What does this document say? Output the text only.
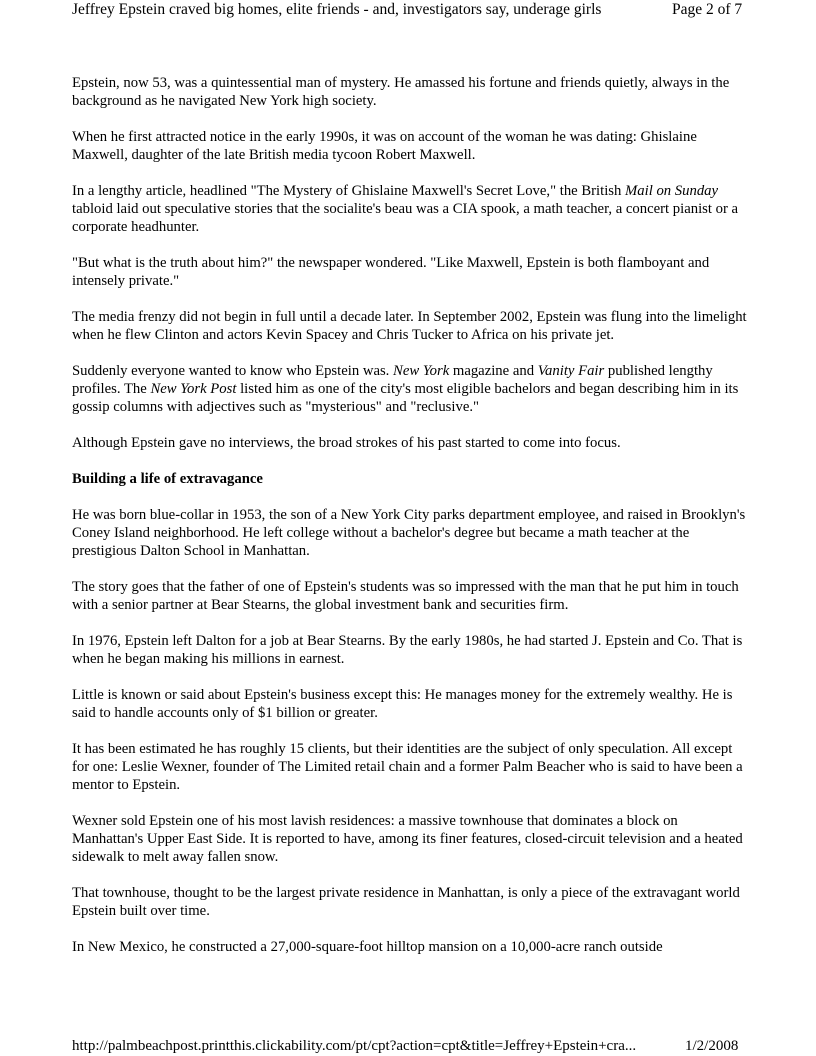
Jeffrey Epstein craved big homes, elite friends - and, investigators say, underage girls	Page 2 of 7

Epstein, now 53, was a quintessential man of mystery. He amassed his fortune and friends quietly, always in the background as he navigated New York high society.

When he first attracted notice in the early 1990s, it was on account of the woman he was dating: Ghislaine Maxwell, daughter of the late British media tycoon Robert Maxwell.

In a lengthy article, headlined "The Mystery of Ghislaine Maxwell's Secret Love," the British Mail on Sunday tabloid laid out speculative stories that the socialite's beau was a CIA spook, a math teacher, a concert pianist or a corporate headhunter.

"But what is the truth about him?" the newspaper wondered. "Like Maxwell, Epstein is both flamboyant and intensely private."

The media frenzy did not begin in full until a decade later. In September 2002, Epstein was flung into the limelight when he flew Clinton and actors Kevin Spacey and Chris Tucker to Africa on his private jet.

Suddenly everyone wanted to know who Epstein was. New York magazine and Vanity Fair published lengthy profiles. The New York Post listed him as one of the city's most eligible bachelors and began describing him in its gossip columns with adjectives such as "mysterious" and "reclusive."

Although Epstein gave no interviews, the broad strokes of his past started to come into focus.

Building a life of extravagance

He was born blue-collar in 1953, the son of a New York City parks department employee, and raised in Brooklyn's Coney Island neighborhood. He left college without a bachelor's degree but became a math teacher at the prestigious Dalton School in Manhattan.

The story goes that the father of one of Epstein's students was so impressed with the man that he put him in touch with a senior partner at Bear Stearns, the global investment bank and securities firm.

In 1976, Epstein left Dalton for a job at Bear Stearns. By the early 1980s, he had started J. Epstein and Co. That is when he began making his millions in earnest.

Little is known or said about Epstein's business except this: He manages money for the extremely wealthy. He is said to handle accounts only of $1 billion or greater.

It has been estimated he has roughly 15 clients, but their identities are the subject of only speculation. All except for one: Leslie Wexner, founder of The Limited retail chain and a former Palm Beacher who is said to have been a mentor to Epstein.

Wexner sold Epstein one of his most lavish residences: a massive townhouse that dominates a block on Manhattan's Upper East Side. It is reported to have, among its finer features, closed-circuit television and a heated sidewalk to melt away fallen snow.

That townhouse, thought to be the largest private residence in Manhattan, is only a piece of the extravagant world Epstein built over time.

In New Mexico, he constructed a 27,000-square-foot hilltop mansion on a 10,000-acre ranch outside

http://palmbeachpost.printthis.clickability.com/pt/cpt?action=cpt&title=Jeffrey+Epstein+cra...	1/2/2008
